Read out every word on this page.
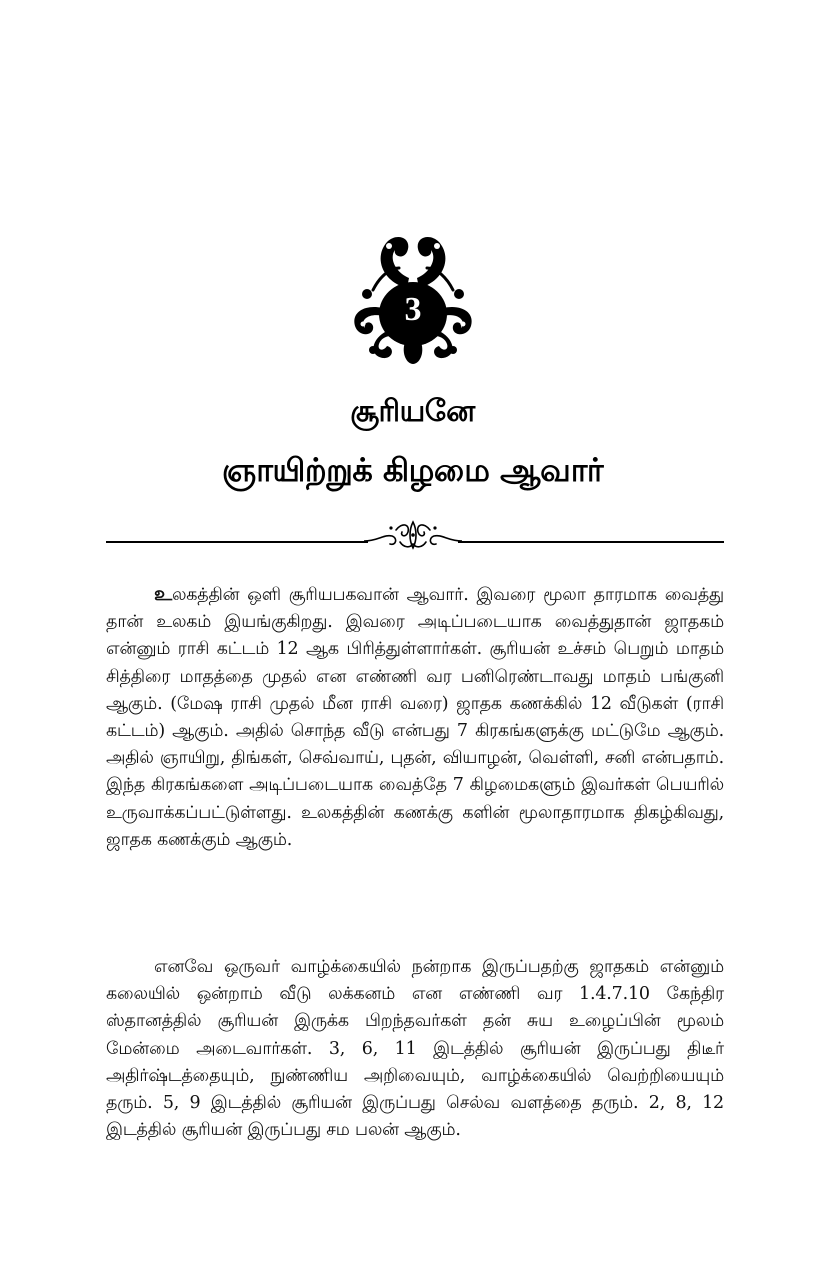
3
சூரியனே
ஞாயிற்றுக் கிழமை ஆவார்

உலகத்தின் ஒளி சூரியபகவான் ஆவார். இவரை மூலா தாரமாக வைத்து தான் உலகம் இயங்குகிறது. இவரை அடிப்படையாக வைத்துதான் ஜாதகம் என்னும் ராசி கட்டம் 12 ஆக பிரித்துள்ளார்கள். சூரியன் உச்சம் பெறும் மாதம் சித்திரை மாதத்தை முதல் என எண்ணி வர பனிரெண்டாவது மாதம் பங்குனி ஆகும். (மேஷ ராசி முதல் மீன ராசி வரை) ஜாதக கணக்கில் 12 வீடுகள் (ராசி கட்டம்) ஆகும். அதில் சொந்த வீடு என்பது 7 கிரகங்களுக்கு மட்டுமே ஆகும். அதில் ஞாயிறு, திங்கள், செவ்வாய், புதன், வியாழன், வெள்ளி, சனி என்பதாம். இந்த கிரகங்களை அடிப்படையாக வைத்தே 7 கிழமைகளும் இவர்கள் பெயரில் உருவாக்கப்பட்டுள்ளது. உலகத்தின் கணக்கு களின் மூலாதாரமாக திகழ்கிவது, ஜாதக கணக்கும் ஆகும்.

எனவே ஒருவர் வாழ்க்கையில் நன்றாக இருப்பதற்கு ஜாதகம் என்னும் கலையில் ஒன்றாம் வீடு லக்கனம் என எண்ணி வர 1.4.7.10 கேந்திர ஸ்தானத்தில் சூரியன் இருக்க பிறந்தவர்கள் தன் சுய உழைப்பின் மூலம் மேன்மை அடைவார்கள். 3, 6, 11 இடத்தில் சூரியன் இருப்பது திடீர் அதிர்ஷ்டத்தையும், நுண்ணிய அறிவையும், வாழ்க்கையில் வெற்றியையும் தரும். 5, 9 இடத்தில் சூரியன் இருப்பது செல்வ வளத்தை தரும். 2, 8, 12 இடத்தில் சூரியன் இருப்பது சம பலன் ஆகும்.
